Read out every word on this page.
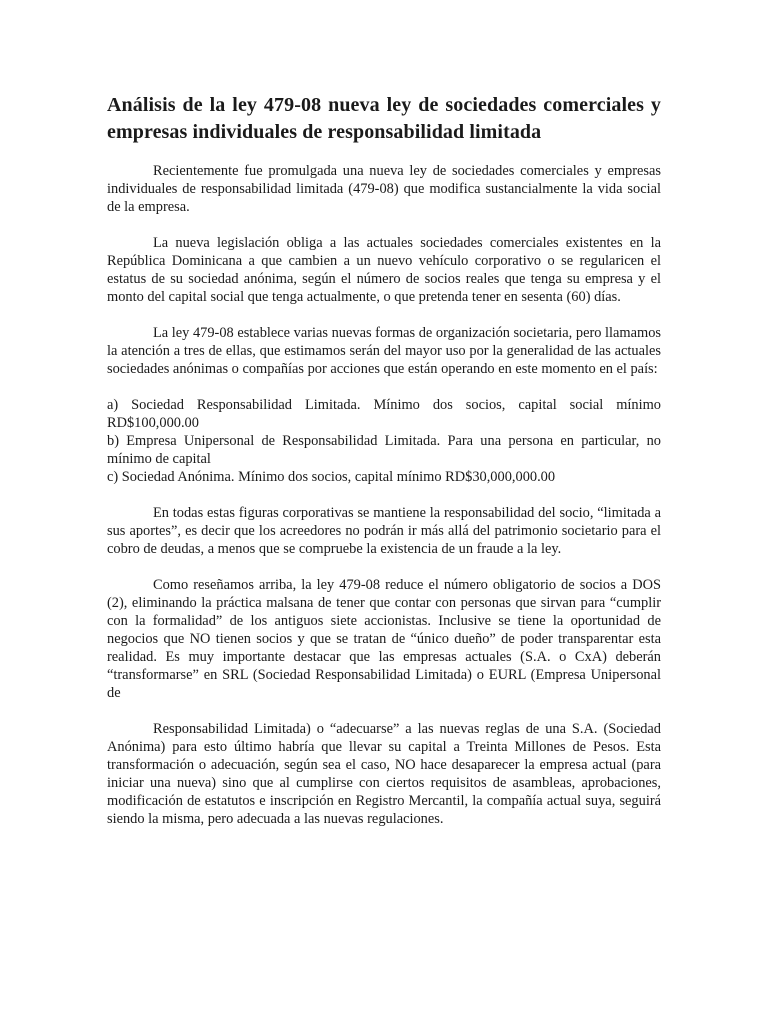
Análisis de la ley 479-08 nueva ley de sociedades comerciales y empresas individuales de responsabilidad limitada

Recientemente fue promulgada una nueva ley de sociedades comerciales y empresas individuales de responsabilidad limitada (479-08) que modifica sustancialmente la vida social de la empresa.

La nueva legislación obliga a las actuales sociedades comerciales existentes en la República Dominicana a que cambien a un nuevo vehículo corporativo o se regularicen el estatus de su sociedad anónima, según el número de socios reales que tenga su empresa y el monto del capital social que tenga actualmente, o que pretenda tener en sesenta (60) días.

La ley 479-08 establece varias nuevas formas de organización societaria, pero llamamos la atención a tres de ellas, que estimamos serán del mayor uso por la generalidad de las actuales sociedades anónimas o compañías por acciones que están operando en este momento en el país:

a) Sociedad Responsabilidad Limitada. Mínimo dos socios, capital social mínimo RD$100,000.00

b) Empresa Unipersonal de Responsabilidad Limitada. Para una persona en particular, no mínimo de capital

c) Sociedad Anónima. Mínimo dos socios, capital mínimo RD$30,000,000.00

En todas estas figuras corporativas se mantiene la responsabilidad del socio, “limitada a sus aportes”, es decir que los acreedores no podrán ir más allá del patrimonio societario para el cobro de deudas, a menos que se compruebe la existencia de un fraude a la ley.

Como reseñamos arriba, la ley 479-08 reduce el número obligatorio de socios a DOS (2), eliminando la práctica malsana de tener que contar con personas que sirvan para “cumplir con la formalidad” de los antiguos siete accionistas. Inclusive se tiene la oportunidad de negocios que NO tienen socios y que se tratan de “único dueño” de poder transparentar esta realidad. Es muy importante destacar que las empresas actuales (S.A. o CxA) deberán “transformarse” en SRL (Sociedad Responsabilidad Limitada) o EURL (Empresa Unipersonal de

Responsabilidad Limitada) o “adecuarse” a las nuevas reglas de una S.A. (Sociedad Anónima) para esto último habría que llevar su capital a Treinta Millones de Pesos. Esta transformación o adecuación, según sea el caso, NO hace desaparecer la empresa actual (para iniciar una nueva) sino que al cumplirse con ciertos requisitos de asambleas, aprobaciones, modificación de estatutos e inscripción en Registro Mercantil, la compañía actual suya, seguirá siendo la misma, pero adecuada a las nuevas regulaciones.
